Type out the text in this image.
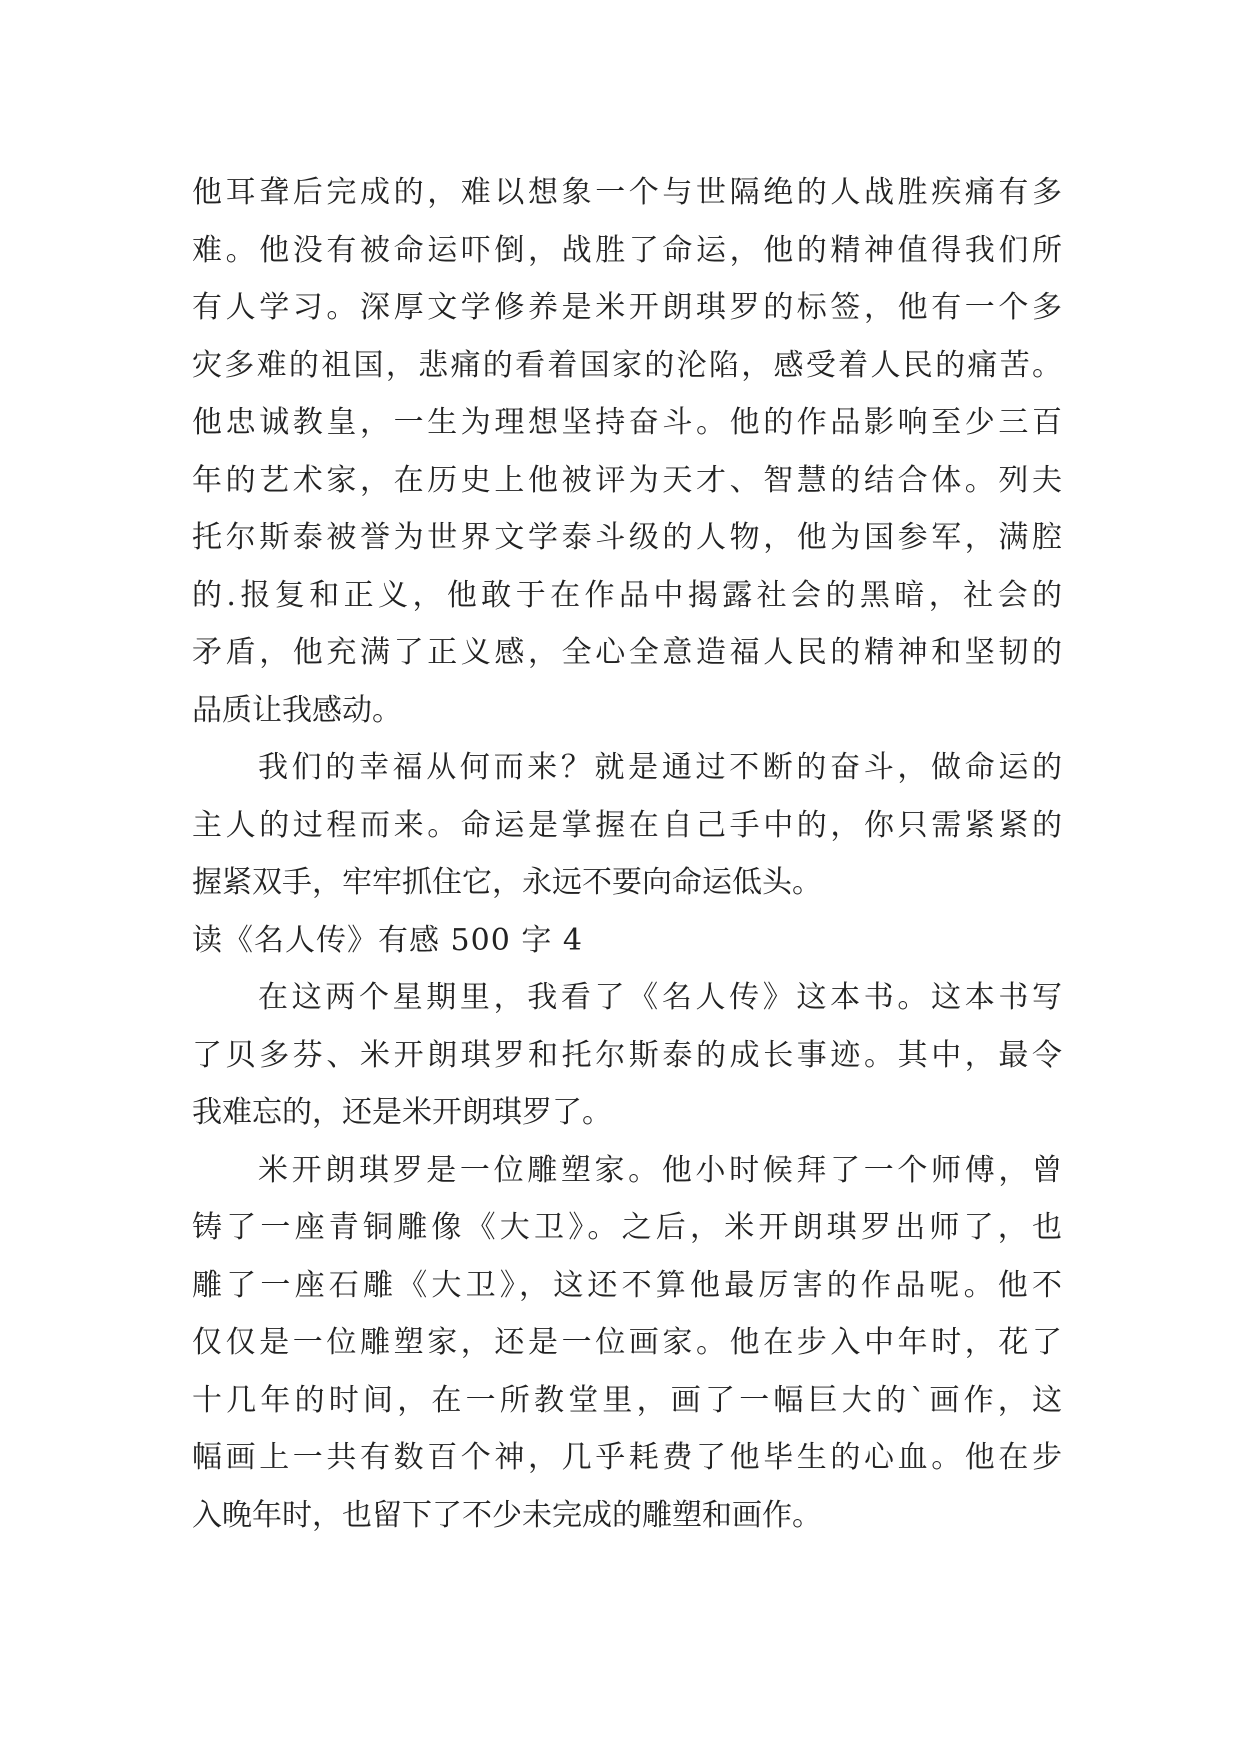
他耳聋后完成的，难以想象一个与世隔绝的人战胜疾痛有多
难。他没有被命运吓倒，战胜了命运，他的精神值得我们所
有人学习。深厚文学修养是米开朗琪罗的标签，他有一个多
灾多难的祖国，悲痛的看着国家的沦陷，感受着人民的痛苦。
他忠诚教皇，一生为理想坚持奋斗。他的作品影响至少三百
年的艺术家，在历史上他被评为天才、智慧的结合体。列夫
托尔斯泰被誉为世界文学泰斗级的人物，他为国参军，满腔
的.报复和正义，他敢于在作品中揭露社会的黑暗，社会的
矛盾，他充满了正义感，全心全意造福人民的精神和坚韧的
品质让我感动。
我们的幸福从何而来？就是通过不断的奋斗，做命运的
主人的过程而来。命运是掌握在自己手中的，你只需紧紧的
握紧双手，牢牢抓住它，永远不要向命运低头。
读《名人传》有感 500 字 4
在这两个星期里，我看了《名人传》这本书。这本书写
了贝多芬、米开朗琪罗和托尔斯泰的成长事迹。其中，最令
我难忘的，还是米开朗琪罗了。
米开朗琪罗是一位雕塑家。他小时候拜了一个师傅，曾
铸了一座青铜雕像《大卫》。之后，米开朗琪罗出师了，也
雕了一座石雕《大卫》，这还不算他最厉害的作品呢。他不
仅仅是一位雕塑家，还是一位画家。他在步入中年时，花了
十几年的时间，在一所教堂里，画了一幅巨大的`画作，这
幅画上一共有数百个神，几乎耗费了他毕生的心血。他在步
入晚年时，也留下了不少未完成的雕塑和画作。
